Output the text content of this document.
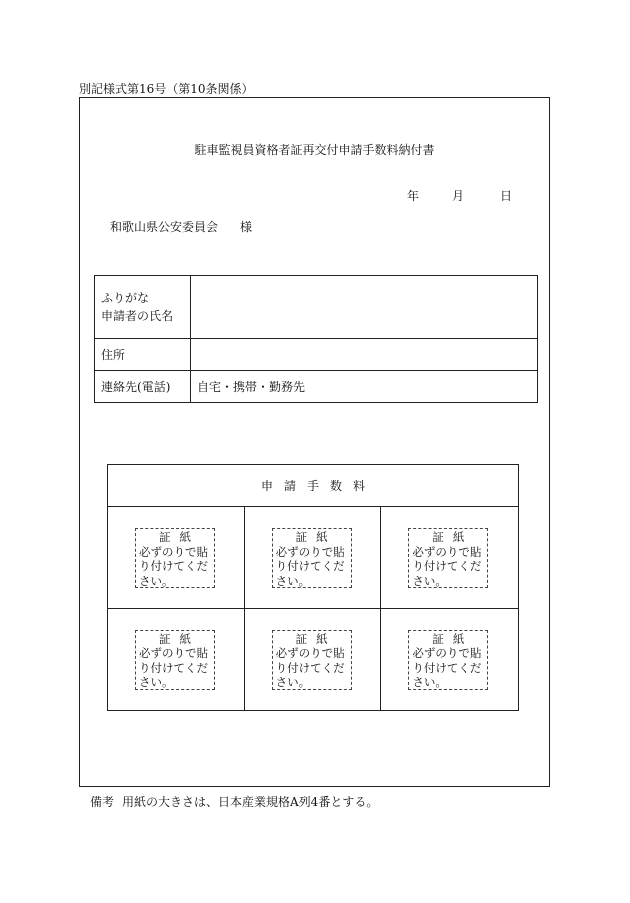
別記様式第16号（第10条関係）
駐車監視員資格者証再交付申請手数料納付書
年	月	日
和歌山県公安委員会 様
ふりがな
申請者の氏名	

住所	

連絡先(電話)	自宅・携帯・勤務先
申請手数料
証紙
必ずのりで貼
り付けてくだ
さい。
証紙
必ずのりで貼
り付けてくだ
さい。
証紙
必ずのりで貼
り付けてくだ
さい。
証紙
必ずのりで貼
り付けてくだ
さい。
証紙
必ずのりで貼
り付けてくだ
さい。
証紙
必ずのりで貼
り付けてくだ
さい。
備考 用紙の大きさは、日本産業規格A列4番とする。
